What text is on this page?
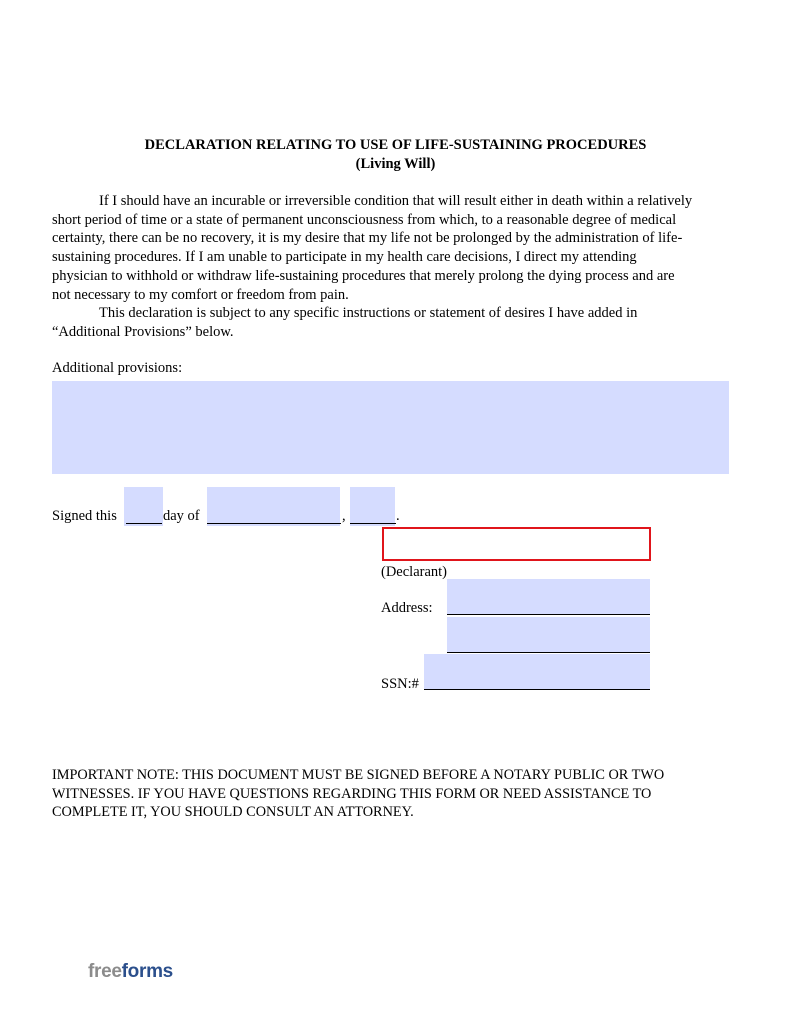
DECLARATION RELATING TO USE OF LIFE-SUSTAINING PROCEDURES
(Living Will)
If I should have an incurable or irreversible condition that will result either in death within a relatively
short period of time or a state of permanent unconsciousness from which, to a reasonable degree of medical
certainty, there can be no recovery, it is my desire that my life not be prolonged by the administration of life-
sustaining procedures. If I am unable to participate in my health care decisions, I direct my attending
physician to withhold or withdraw life-sustaining procedures that merely prolong the dying process and are
not necessary to my comfort or freedom from pain.
This declaration is subject to any specific instructions or statement of desires I have added in
“Additional Provisions” below.
Additional provisions:
Signed this	day of	,	.
(Declarant)
Address:
SSN:#
IMPORTANT NOTE: THIS DOCUMENT MUST BE SIGNED BEFORE A NOTARY PUBLIC OR TWO
WITNESSES. IF YOU HAVE QUESTIONS REGARDING THIS FORM OR NEED ASSISTANCE TO
COMPLETE IT, YOU SHOULD CONSULT AN ATTORNEY.
freeforms
